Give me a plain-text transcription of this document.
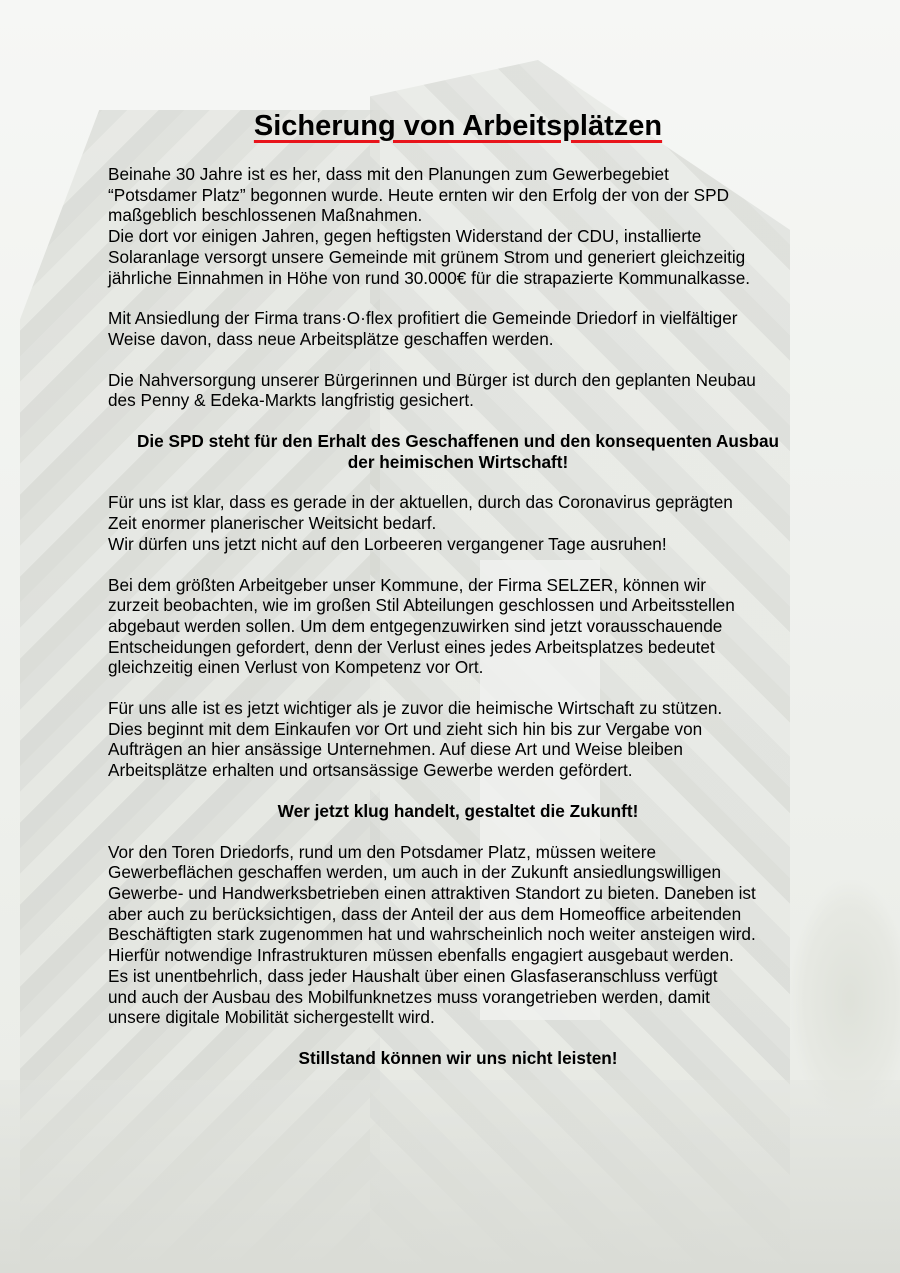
Sicherung von Arbeitsplätzen

Beinahe 30 Jahre ist es her, dass mit den Planungen zum Gewerbegebiet
“Potsdamer Platz” begonnen wurde. Heute ernten wir den Erfolg der von der SPD
maßgeblich beschlossenen Maßnahmen.
Die dort vor einigen Jahren, gegen heftigsten Widerstand der CDU, installierte
Solaranlage versorgt unsere Gemeinde mit grünem Strom und generiert gleichzeitig
jährliche Einnahmen in Höhe von rund 30.000€ für die strapazierte Kommunalkasse.

Mit Ansiedlung der Firma trans·O·flex profitiert die Gemeinde Driedorf in vielfältiger
Weise davon, dass neue Arbeitsplätze geschaffen werden.

Die Nahversorgung unserer Bürgerinnen und Bürger ist durch den geplanten Neubau
des Penny & Edeka-Markts langfristig gesichert.

Die SPD steht für den Erhalt des Geschaffenen und den konsequenten Ausbau
der heimischen Wirtschaft!

Für uns ist klar, dass es gerade in der aktuellen, durch das Coronavirus geprägten
Zeit enormer planerischer Weitsicht bedarf.
Wir dürfen uns jetzt nicht auf den Lorbeeren vergangener Tage ausruhen!

Bei dem größten Arbeitgeber unser Kommune, der Firma SELZER, können wir
zurzeit beobachten, wie im großen Stil Abteilungen geschlossen und Arbeitsstellen
abgebaut werden sollen. Um dem entgegenzuwirken sind jetzt vorausschauende
Entscheidungen gefordert, denn der Verlust eines jedes Arbeitsplatzes bedeutet
gleichzeitig einen Verlust von Kompetenz vor Ort.

Für uns alle ist es jetzt wichtiger als je zuvor die heimische Wirtschaft zu stützen.
Dies beginnt mit dem Einkaufen vor Ort und zieht sich hin bis zur Vergabe von
Aufträgen an hier ansässige Unternehmen. Auf diese Art und Weise bleiben
Arbeitsplätze erhalten und ortsansässige Gewerbe werden gefördert.

Wer jetzt klug handelt, gestaltet die Zukunft!

Vor den Toren Driedorfs, rund um den Potsdamer Platz, müssen weitere
Gewerbeflächen geschaffen werden, um auch in der Zukunft ansiedlungswilligen
Gewerbe- und Handwerksbetrieben einen attraktiven Standort zu bieten. Daneben ist
aber auch zu berücksichtigen, dass der Anteil der aus dem Homeoffice arbeitenden
Beschäftigten stark zugenommen hat und wahrscheinlich noch weiter ansteigen wird.
Hierfür notwendige Infrastrukturen müssen ebenfalls engagiert ausgebaut werden.
Es ist unentbehrlich, dass jeder Haushalt über einen Glasfaseranschluss verfügt
und auch der Ausbau des Mobilfunknetzes muss vorangetrieben werden, damit
unsere digitale Mobilität sichergestellt wird.

Stillstand können wir uns nicht leisten!
